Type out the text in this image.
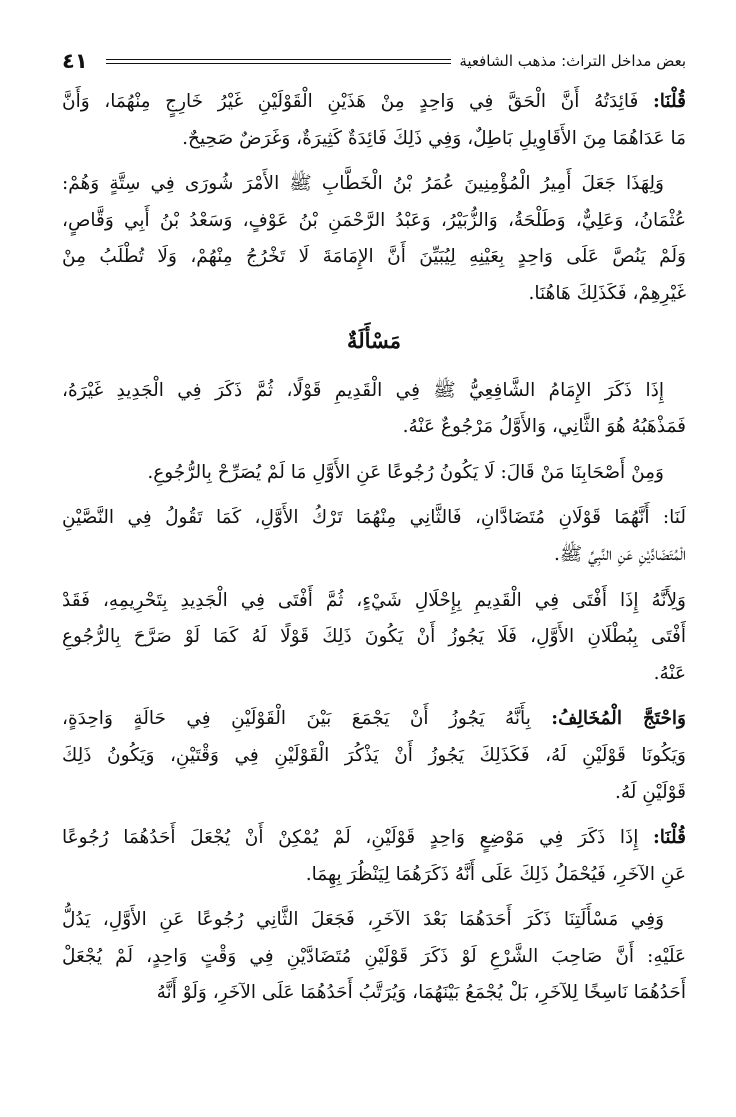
٤١	بعض مداخل التراث: مذهب الشافعية
قُلْنَا: فَائِدَتُهُ أَنَّ الْحَقَّ فِي وَاحِدٍ مِنْ هَذَيْنِ الْقَوْلَيْنِ غَيْرُ خَارِجٍ مِنْهُمَا، وَأَنَّ
مَا عَدَاهُمَا مِنَ الأَقَاوِيلِ بَاطِلٌ، وَفِي ذَلِكَ فَائِدَةٌ كَثِيرَةٌ، وَغَرَضٌ صَحِيحٌ.
وَلِهَذَا جَعَلَ أَمِيرُ الْمُؤْمِنِينَ عُمَرُ بْنُ الْخَطَّابِ ﷺ الأَمْرَ شُورَى فِي سِتَّةٍ وَهُمْ:
عُثْمَانُ، وَعَلِيٌّ، وَطَلْحَةُ، وَالزُّبَيْرُ، وَعَبْدُ الرَّحْمَنِ بْنُ عَوْفٍ، وَسَعْدُ بْنُ أَبِي وَقَّاصٍ،
وَلَمْ يَنُصَّ عَلَى وَاحِدٍ بِعَيْنِهِ لِيُبَيِّنَ أَنَّ الإِمَامَةَ لَا تَخْرُجُ مِنْهُمْ، وَلَا تُطْلَبُ مِنْ
غَيْرِهِمْ، فَكَذَلِكَ هَاهُنَا.
مَسْأَلَةٌ
إِذَا ذَكَرَ الإِمَامُ الشَّافِعِيُّ ﷺ فِي الْقَدِيمِ قَوْلًا، ثُمَّ ذَكَرَ فِي الْجَدِيدِ غَيْرَهُ،
فَمَذْهَبُهُ هُوَ الثَّانِي، وَالأَوَّلُ مَرْجُوعٌ عَنْهُ.
وَمِنْ أَصْحَابِنَا مَنْ قَالَ: لَا يَكُونُ رُجُوعًا عَنِ الأَوَّلِ مَا لَمْ يُصَرِّحْ بِالرُّجُوعِ.
لَنَا: أَنَّهُمَا قَوْلَانِ مُتَضَادَّانِ، فَالثَّانِي مِنْهُمَا تَرْكُ الأَوَّلِ، كَمَا تَقُولُ فِي النَّصَّيْنِ
الْمُتَضَادَّيْنِ عَنِ النَّبِيِّ ﷺ.
وَلِأَنَّهُ إِذَا أَفْتَى فِي الْقَدِيمِ بِإِحْلَالِ شَيْءٍ، ثُمَّ أَفْتَى فِي الْجَدِيدِ بِتَحْرِيمِهِ، فَقَدْ
أَفْتَى بِبُطْلَانِ الأَوَّلِ، فَلَا يَجُوزُ أَنْ يَكُونَ ذَلِكَ قَوْلًا لَهُ كَمَا لَوْ صَرَّحَ بِالرُّجُوعِ
عَنْهُ.
وَاحْتَجَّ الْمُخَالِفُ: بِأَنَّهُ يَجُوزُ أَنْ يَجْمَعَ بَيْنَ الْقَوْلَيْنِ فِي حَالَةٍ وَاحِدَةٍ،
وَيَكُونَا قَوْلَيْنِ لَهُ، فَكَذَلِكَ يَجُوزُ أَنْ يَذْكُرَ الْقَوْلَيْنِ فِي وَقْتَيْنِ، وَيَكُونُ ذَلِكَ
قَوْلَيْنِ لَهُ.
قُلْنَا: إِذَا ذَكَرَ فِي مَوْضِعٍ وَاحِدٍ قَوْلَيْنِ، لَمْ يُمْكِنْ أَنْ يُجْعَلَ أَحَدُهُمَا رُجُوعًا
عَنِ الآخَرِ، فَيُحْمَلُ ذَلِكَ عَلَى أَنَّهُ ذَكَرَهُمَا لِيَنْظُرَ بِهِمَا.
وَفِي مَسْأَلَتِنَا ذَكَرَ أَحَدَهُمَا بَعْدَ الآخَرِ، فَجَعَلَ الثَّانِي رُجُوعًا عَنِ الأَوَّلِ، يَدُلُّ
عَلَيْهِ: أَنَّ صَاحِبَ الشَّرْعِ لَوْ ذَكَرَ قَوْلَيْنِ مُتَضَادَّيْنِ فِي وَقْتٍ وَاحِدٍ، لَمْ يُجْعَلْ
أَحَدُهُمَا نَاسِخًا لِلآخَرِ، بَلْ يُجْمَعُ بَيْنَهُمَا، وَيُرَتَّبُ أَحَدُهُمَا عَلَى الآخَرِ، وَلَوْ أَنَّهُ
